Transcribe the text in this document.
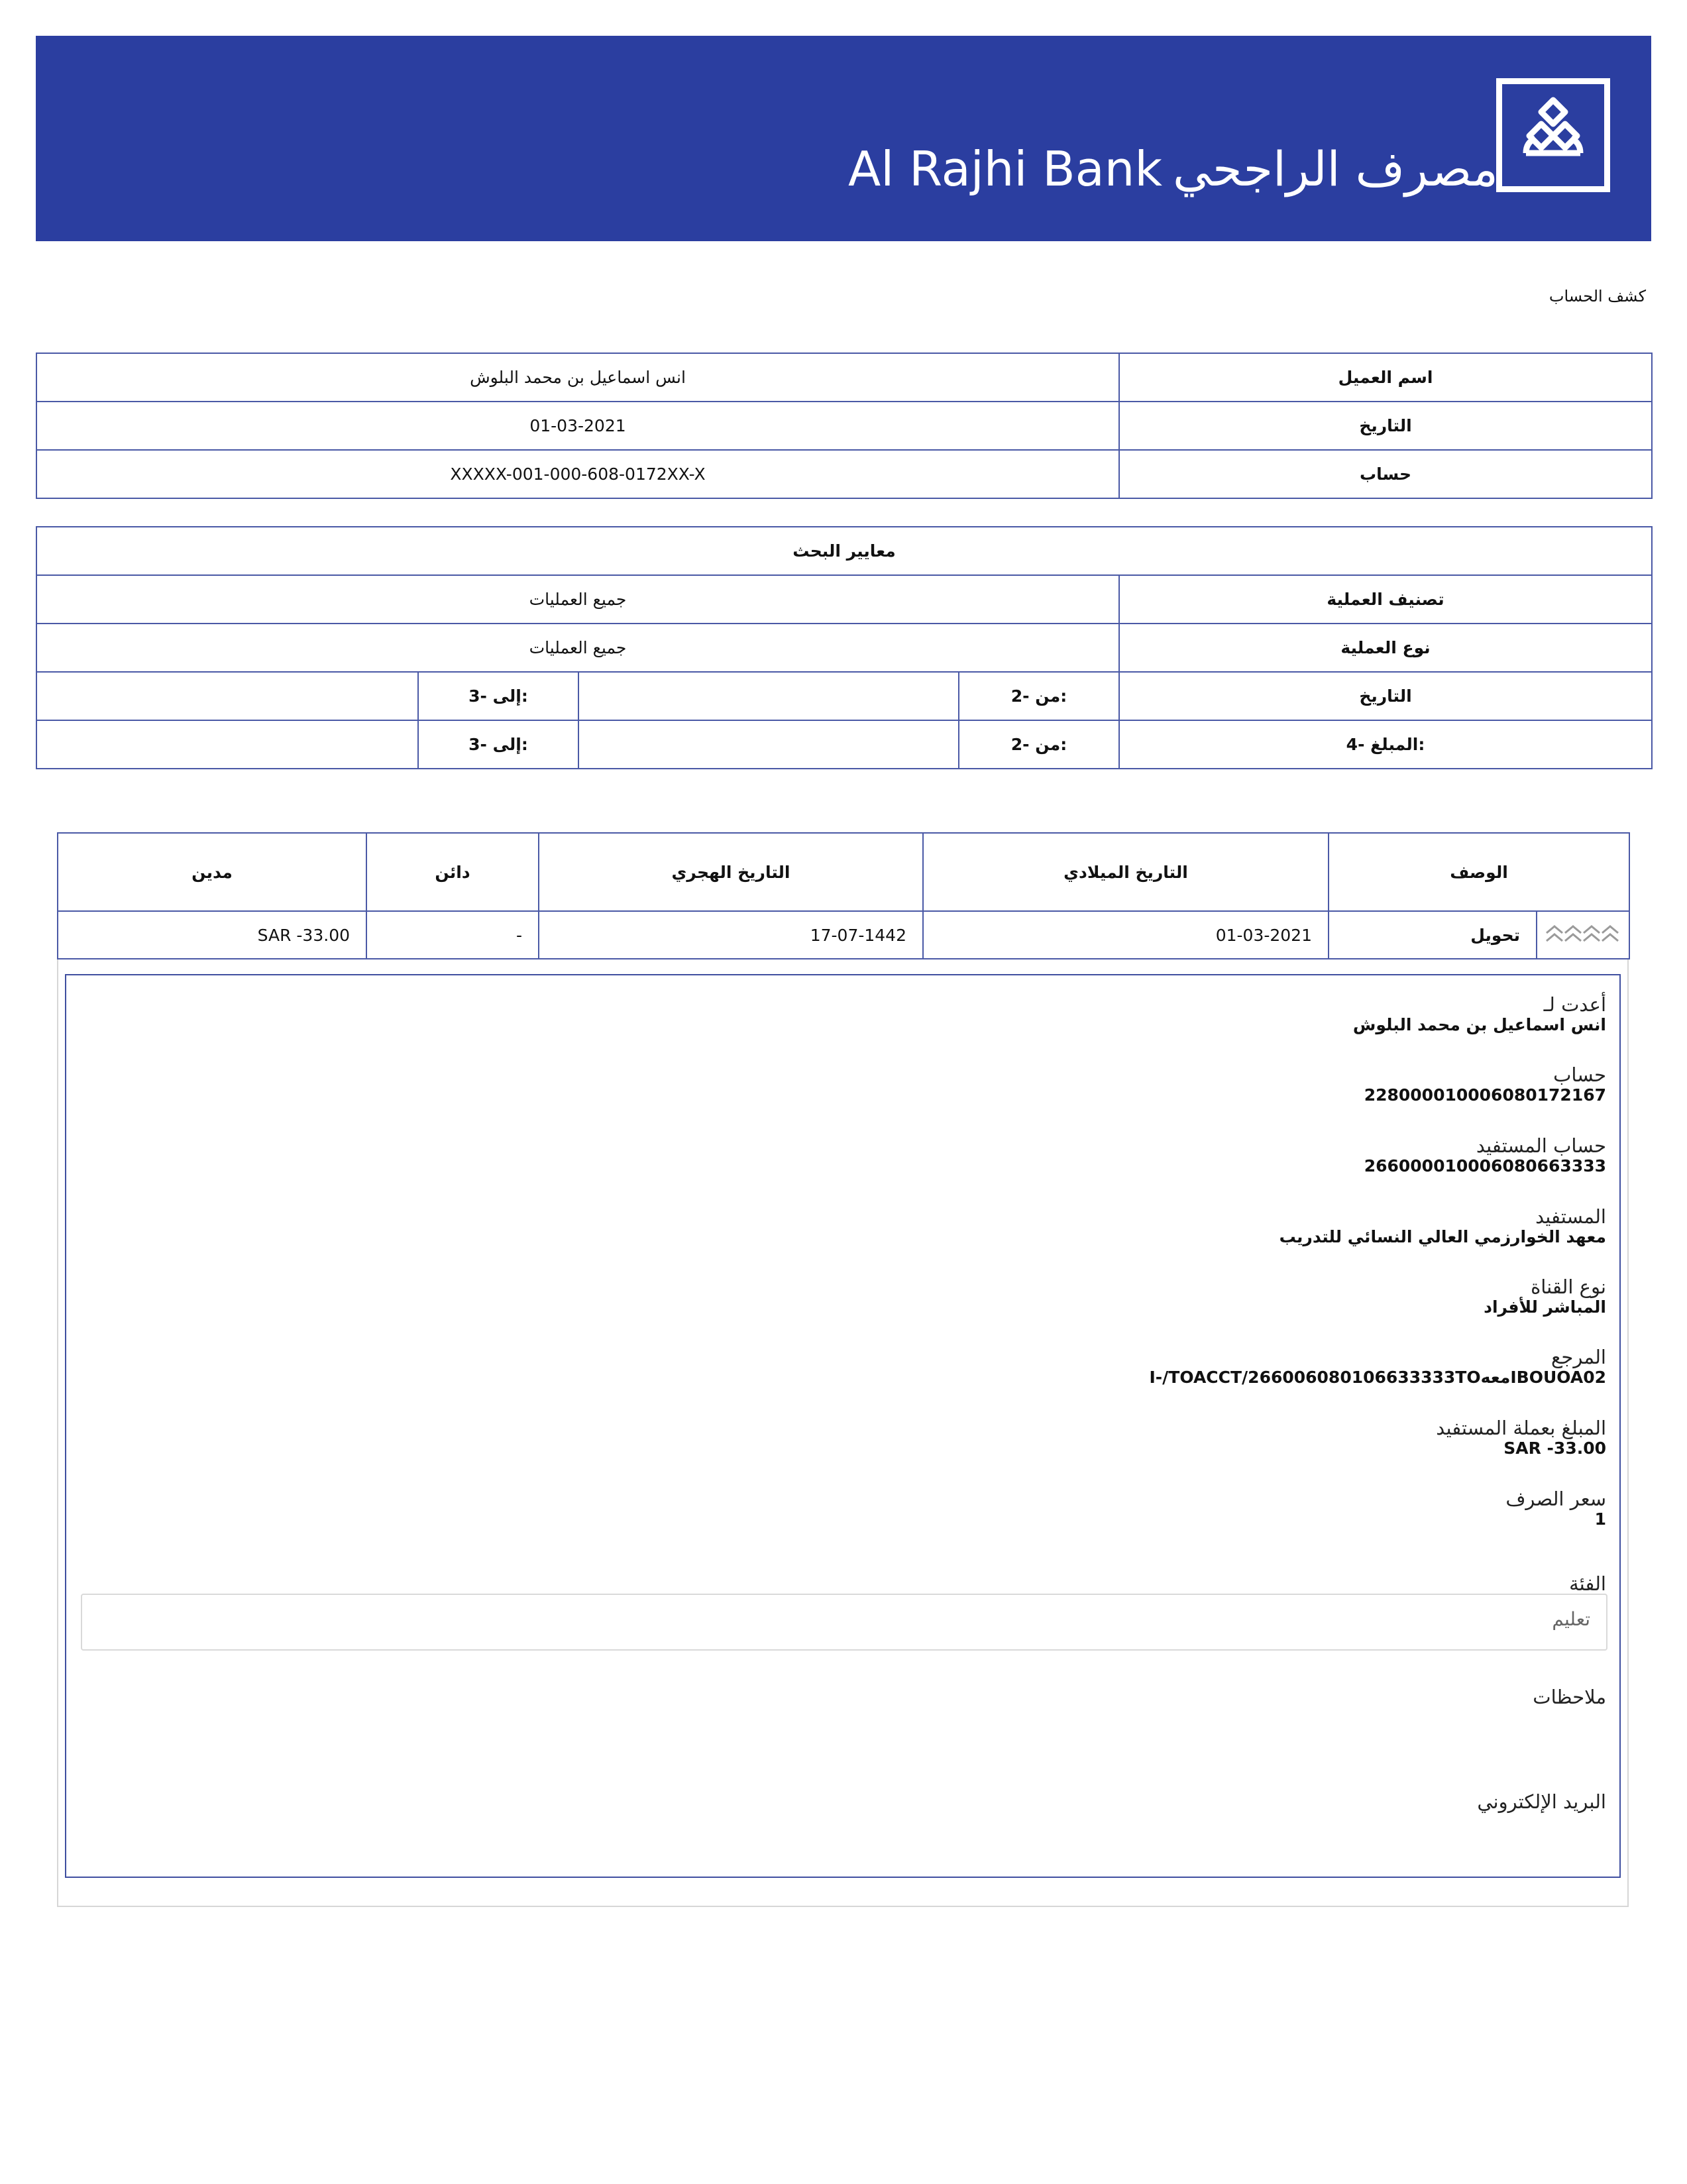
Al Rajhi Bank مصرف الراجحي
كشف الحساب
انس اسماعيل بن محمد البلوش	اسم العميل
01-03-2021	التاريخ
XXXXX-001-000-608-0172XX-X	حساب
معايير البحث				
جميع العمليات				تصنيف العملية
جميع العمليات				نوع العملية
	3- إلى:		2- من:	التاريخ
	3- إلى:		2- من:	4- المبلغ:
مدين	دائن	التاريخ الهجري	التاريخ الميلادي	الوصف	
SAR -33.00	-	17-07-1442	01-03-2021	تحويل	
أعدت لـ
انس اسماعيل بن محمد البلوش
حساب
228000010006080172167
حساب المستفيد
266000010006080663333
المستفيد
معهد الخوارزمي العالي النسائي للتدريب
نوع القناة
المباشر للأفراد
المرجع
IBOUOA02معهI-/TOACCT/266006080106633333TO
المبلغ بعملة المستفيد
SAR -33.00
سعر الصرف
1
الفئة
تعليم
ملاحظات
البريد الإلكتروني
